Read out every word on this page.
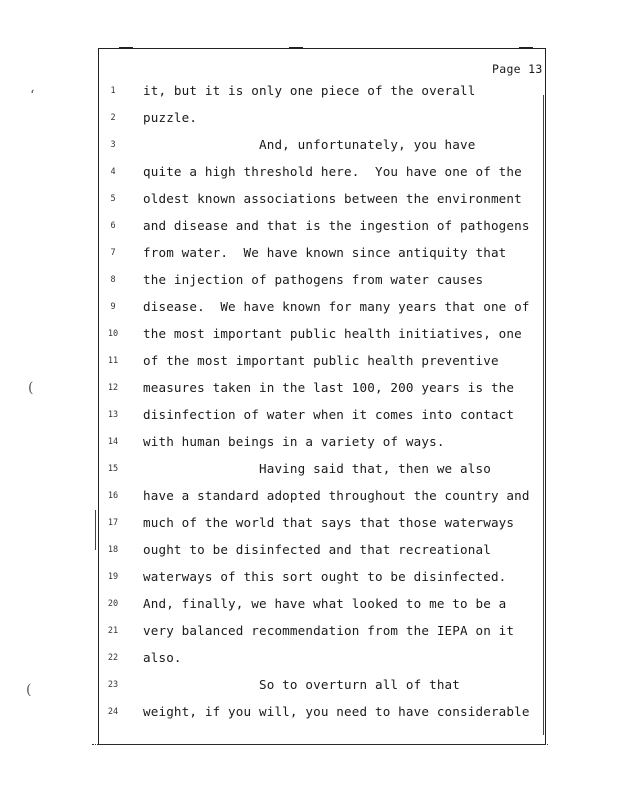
ʻ
(
(
Page 13
1	it, but it is only one piece of the overall
2	puzzle.
3	And, unfortunately, you have
4	quite a high threshold here.  You have one of the
5	oldest known associations between the environment
6	and disease and that is the ingestion of pathogens
7	from water.  We have known since antiquity that
8	the injection of pathogens from water causes
9	disease.  We have known for many years that one of
10	the most important public health initiatives, one
11	of the most important public health preventive
12	measures taken in the last 100, 200 years is the
13	disinfection of water when it comes into contact
14	with human beings in a variety of ways.
15	Having said that, then we also
16	have a standard adopted throughout the country and
17	much of the world that says that those waterways
18	ought to be disinfected and that recreational
19	waterways of this sort ought to be disinfected.
20	And, finally, we have what looked to me to be a
21	very balanced recommendation from the IEPA on it
22	also.
23	So to overturn all of that
24	weight, if you will, you need to have considerable
